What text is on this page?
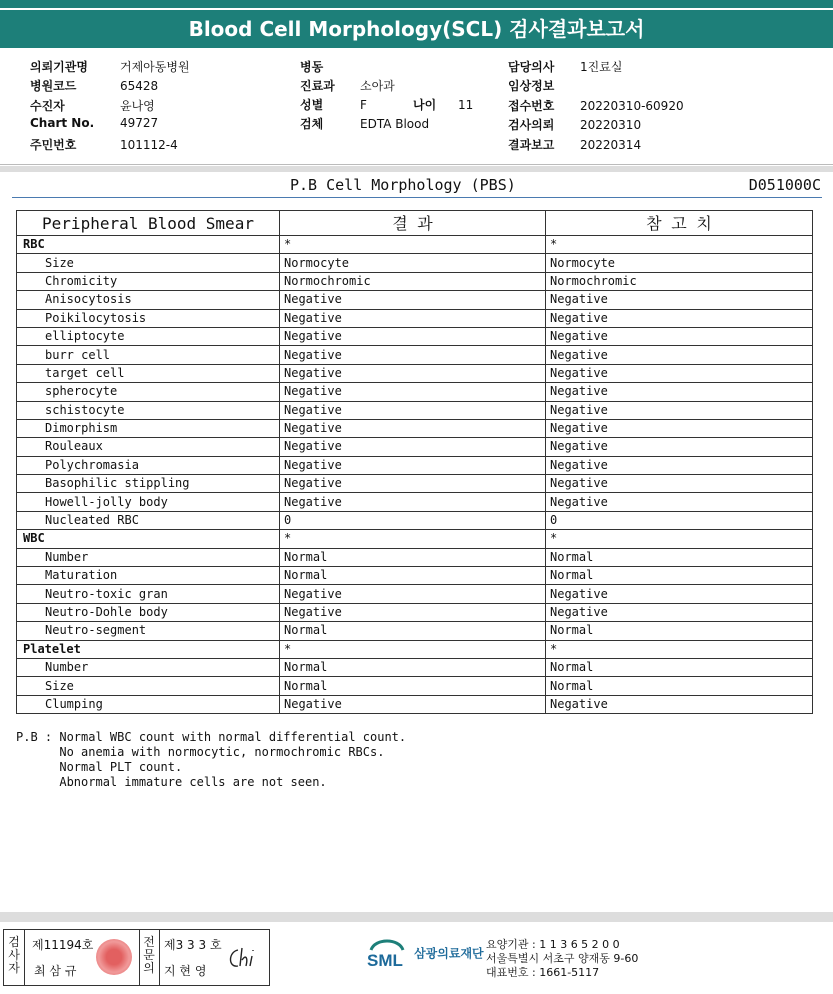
Blood Cell Morphology(SCL) 검사결과보고서
의뢰기관명	거제아동병원
병원코드	65428
수진자	윤나영
Chart No. 49727
주민번호	101112-4
병동
진료과 소아과
성별	F
검체	EDTA Blood
나이 11
담당의사 1진료실
임상정보
접수번호 20220310-60920
검사의뢰 20220310
결과보고 20220314
P.B Cell Morphology (PBS)	D051000C
Peripheral Blood Smear	결 과	참 고 치
RBC	*	*
Size	Normocyte	Normocyte
Chromicity	Normochromic	Normochromic
Anisocytosis	Negative	Negative
Poikilocytosis	Negative	Negative
elliptocyte	Negative	Negative
burr cell	Negative	Negative
target cell	Negative	Negative
spherocyte	Negative	Negative
schistocyte	Negative	Negative
Dimorphism	Negative	Negative
Rouleaux	Negative	Negative
Polychromasia	Negative	Negative
Basophilic stippling	Negative	Negative
Howell-jolly body	Negative	Negative
Nucleated RBC	0	0
WBC	*	*
Number	Normal	Normal
Maturation	Normal	Normal
Neutro-toxic gran	Negative	Negative
Neutro-Dohle body	Negative	Negative
Neutro-segment	Normal	Normal
Platelet	*	*
Number	Normal	Normal
Size	Normal	Normal
Clumping	Negative	Negative
P.B : Normal WBC count with normal differential count.
No anemia with normocytic, normochromic RBCs.
Normal PLT count.
Abnormal immature cells are not seen.
검사자
제11194호
최 삼 규
전문의
제3 3 3 호
지 현 영
SML 삼광의료재단
요양기관 : 1 1 3 6 5 2 0 0
서울특별시 서초구 양재동 9-60
대표번호 : 1661-5117
